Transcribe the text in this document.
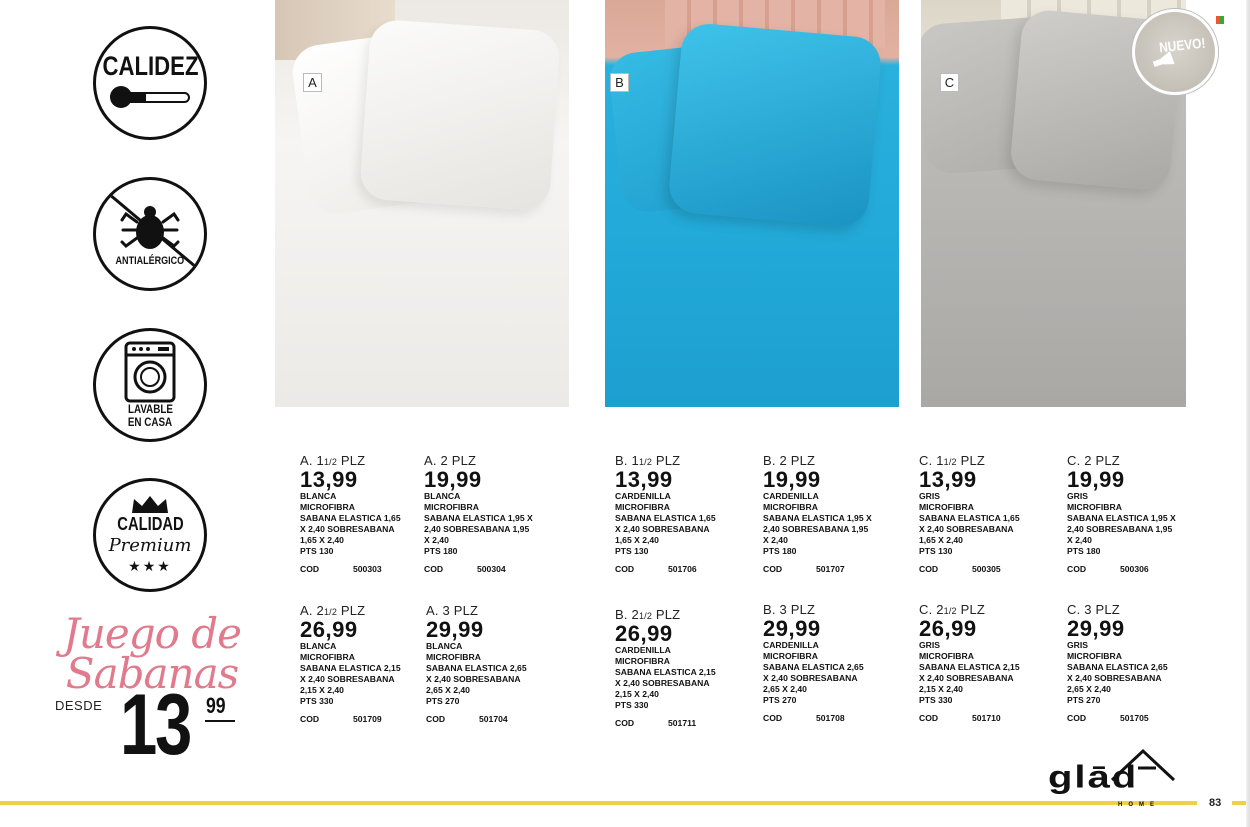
CALIDEZ
ANTIALÉRGICO
LAVABLE
EN CASA
CALIDAD
Premium
★★★
Juego de
Sabanas
DESDE 13 99
A	B	C
NUEVO!
A. 11/2 PLZ
13,99
BLANCA
MICROFIBRA
SABANA ELASTICA 1,65
X 2,40 SOBRESABANA
1,65 X 2,40
PTS 130
COD	500303
A. 2 PLZ
19,99
BLANCA
MICROFIBRA
SABANA ELASTICA 1,95 X
2,40 SOBRESABANA 1,95
X 2,40
PTS 180
COD	500304
B. 11/2 PLZ
13,99
CARDENILLA
MICROFIBRA
SABANA ELASTICA 1,65
X 2,40 SOBRESABANA
1,65 X 2,40
PTS 130
COD	501706
B. 2 PLZ
19,99
CARDENILLA
MICROFIBRA
SABANA ELASTICA 1,95 X
2,40 SOBRESABANA 1,95
X 2,40
PTS 180
COD	501707
C. 11/2 PLZ
13,99
GRIS
MICROFIBRA
SABANA ELASTICA 1,65
X 2,40 SOBRESABANA
1,65 X 2,40
PTS 130
COD	500305
C. 2 PLZ
19,99
GRIS
MICROFIBRA
SABANA ELASTICA 1,95 X
2,40 SOBRESABANA 1,95
X 2,40
PTS 180
COD	500306
A. 21/2 PLZ
26,99
BLANCA
MICROFIBRA
SABANA ELASTICA 2,15
X 2,40 SOBRESABANA
2,15 X 2,40
PTS 330
COD	501709
A. 3 PLZ
29,99
BLANCA
MICROFIBRA
SABANA ELASTICA 2,65
X 2,40 SOBRESABANA
2,65 X 2,40
PTS 270
COD	501704
B. 21/2 PLZ
26,99
CARDENILLA
MICROFIBRA
SABANA ELASTICA 2,15
X 2,40 SOBRESABANA
2,15 X 2,40
PTS 330
COD	501711
B. 3 PLZ
29,99
CARDENILLA
MICROFIBRA
SABANA ELASTICA 2,65
X 2,40 SOBRESABANA
2,65 X 2,40
PTS 270
COD	501708
C. 21/2 PLZ
26,99
GRIS
MICROFIBRA
SABANA ELASTICA 2,15
X 2,40 SOBRESABANA
2,15 X 2,40
PTS 330
COD	501710
C. 3 PLZ
29,99
GRIS
MICROFIBRA
SABANA ELASTICA 2,65
X 2,40 SOBRESABANA
2,65 X 2,40
PTS 270
COD	501705
83
glād
HOME
